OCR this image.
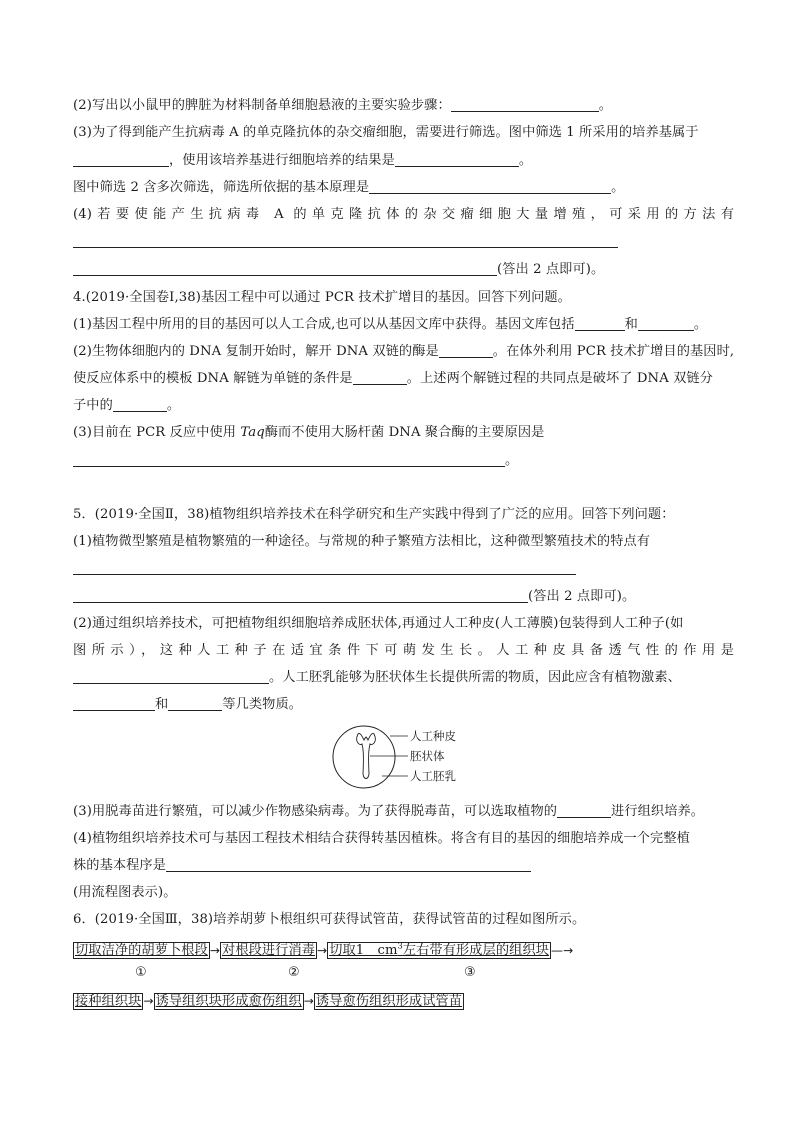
(2)写出以小鼠甲的脾脏为材料制备单细胞悬液的主要实验步骤：	。
(3)为了得到能产生抗病毒 A 的单克隆抗体的杂交瘤细胞，需要进行筛选。图中筛选 1 所采用的培养基属于
，使用该培养基进行细胞培养的结果是	。
图中筛选 2 含多次筛选，筛选所依据的基本原理是	。
(4)若要使能产生抗病毒 A 的单克隆抗体的杂交瘤细胞大量增殖，可采用的方法有
(答出 2 点即可)。
4.(2019·全国卷Ⅰ,38)基因工程中可以通过 PCR 技术扩增目的基因。回答下列问题。
(1)基因工程中所用的目的基因可以人工合成,也可以从基因文库中获得。基因文库包括	和	。
(2)生物体细胞内的 DNA 复制开始时，解开 DNA 双链的酶是	。在体外利用 PCR 技术扩增目的基因时,
使反应体系中的模板 DNA 解链为单链的条件是	。上述两个解链过程的共同点是破坏了 DNA 双链分
子中的	。
(3)目前在 PCR 反应中使用 Taq酶而不使用大肠杆菌 DNA 聚合酶的主要原因是
。
5．(2019·全国Ⅱ，38)植物组织培养技术在科学研究和生产实践中得到了广泛的应用。回答下列问题：
(1)植物微型繁殖是植物繁殖的一种途径。与常规的种子繁殖方法相比，这种微型繁殖技术的特点有
(答出 2 点即可)。
(2)通过组织培养技术，可把植物组织细胞培养成胚状体,再通过人工种皮(人工薄膜)包装得到人工种子(如
图所示），这种人工种子在适宜条件下可萌发生长。人工种皮具备透气性的作用是
。人工胚乳能够为胚状体生长提供所需的物质，因此应含有植物激素、
和	等几类物质。
人工种皮
胚状体
人工胚乳
(3)用脱毒苗进行繁殖，可以减少作物感染病毒。为了获得脱毒苗，可以选取植物的	进行组织培养。
(4)植物组织培养技术可与基因工程技术相结合获得转基因植株。将含有目的基因的细胞培养成一个完整植
株的基本程序是
(用流程图表示)。
6．(2019·全国Ⅲ，38)培养胡萝卜根组织可获得试管苗，获得试管苗的过程如图所示。
切取洁净的胡萝卜根段 → 对根段进行消毒 → 切取1　$cm^3$左右带有形成层的组织块 —→
①	②	③
接种组织块 → 诱导组织块形成愈伤组织 → 诱导愈伤组织形成试管苗
